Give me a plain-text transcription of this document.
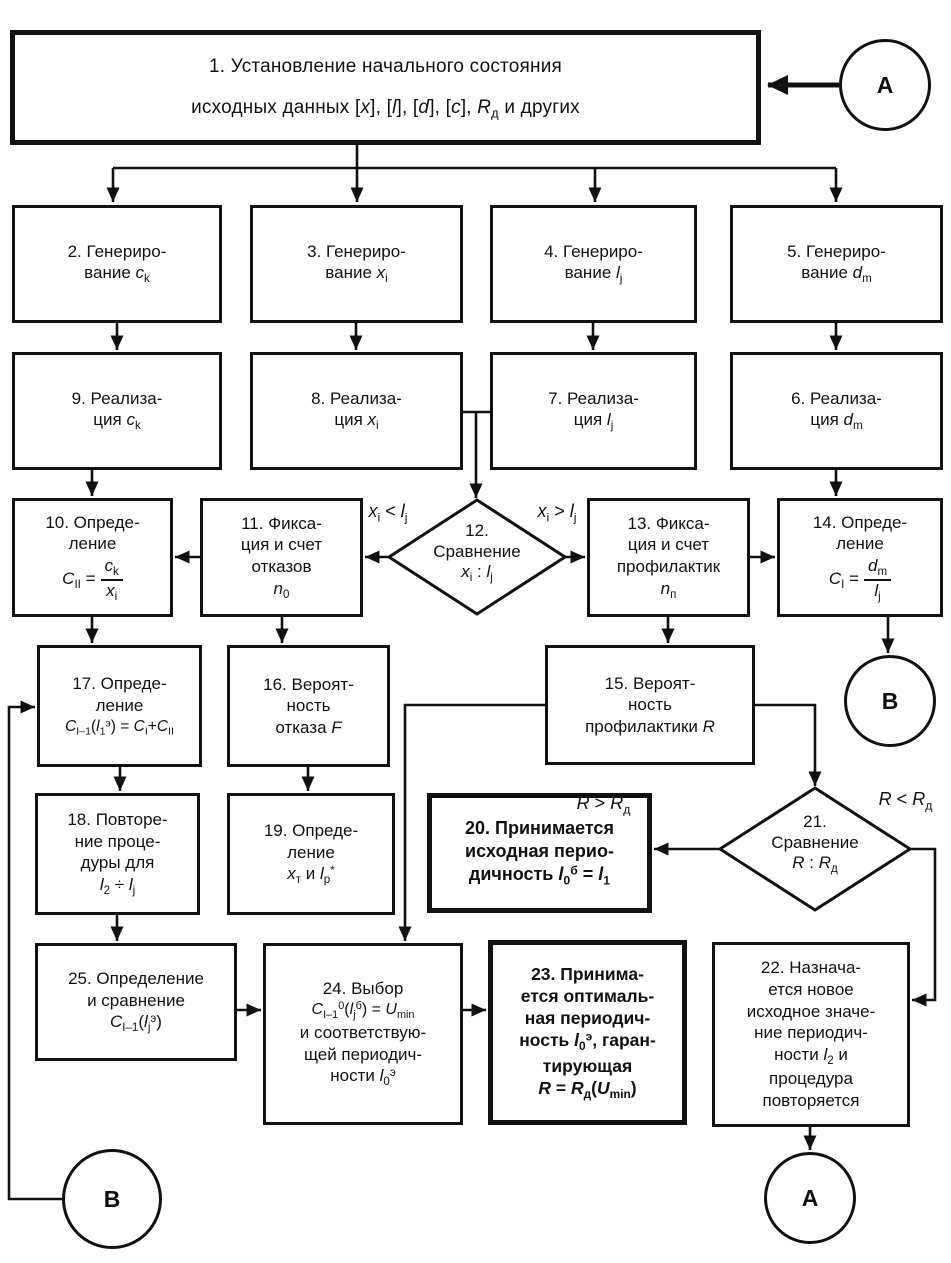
1. Установление начального состояния
исходных данных [x], [l], [d], [c], $R_д$ и других
2. Генериро-
вание $c_k$
3. Генериро-
вание $x_i$
4. Генериро-
вание $l_j$
5. Генериро-
вание $d_m$
9. Реализа-
ция $c_k$
8. Реализа-
ция $x_i$
7. Реализа-
ция $l_j$
6. Реализа-
ция $d_m$
10. Опреде-
ление
$C_{II} = \frac{c_k}{x_i}$
11. Фикса-
ция и счет
отказов
$n_0$
12.
Сравнение
$x_i$ : $l_j$
13. Фикса-
ция и счет
профилактик
$n_п$
14. Опреде-
ление
$C_I = \frac{d_m}{l_j}$
17. Опреде-
ление
$C_{I-1}(l_1^э) = C_I+C_{II}$
16. Вероят-
ность
отказа F
15. Вероят-
ность
профилактики R
18. Повторе-
ние проце-
дуры для
$l_2 \div l_j$
19. Опреде-
ление
$x_т$ и $l_р^*$
20. Принимается
исходная перио-
дичность $l_0^б = l_1$
21.
Сравнение
R : $R_д$
25. Определение
и сравнение
$C_{I-1}(l_j^э)$
24. Выбор
$C_{I-1}^0(l_j^б) = U_{min}$
и соответствую-
щей периодич-
ности $l_0^э$
23. Принима-
ется оптималь-
ная периодич-
ность $l_0^э$, гаран-
тирующая
$R = R_д(U_{min})$
22. Назнача-
ется новое
исходное значе-
ние периодич-
ности $l_2$ и
процедура
повторяется
$x_i < l_j$	$x_i > l_j$
$R > R_д$
$R < R_д$
А
В
В	А
